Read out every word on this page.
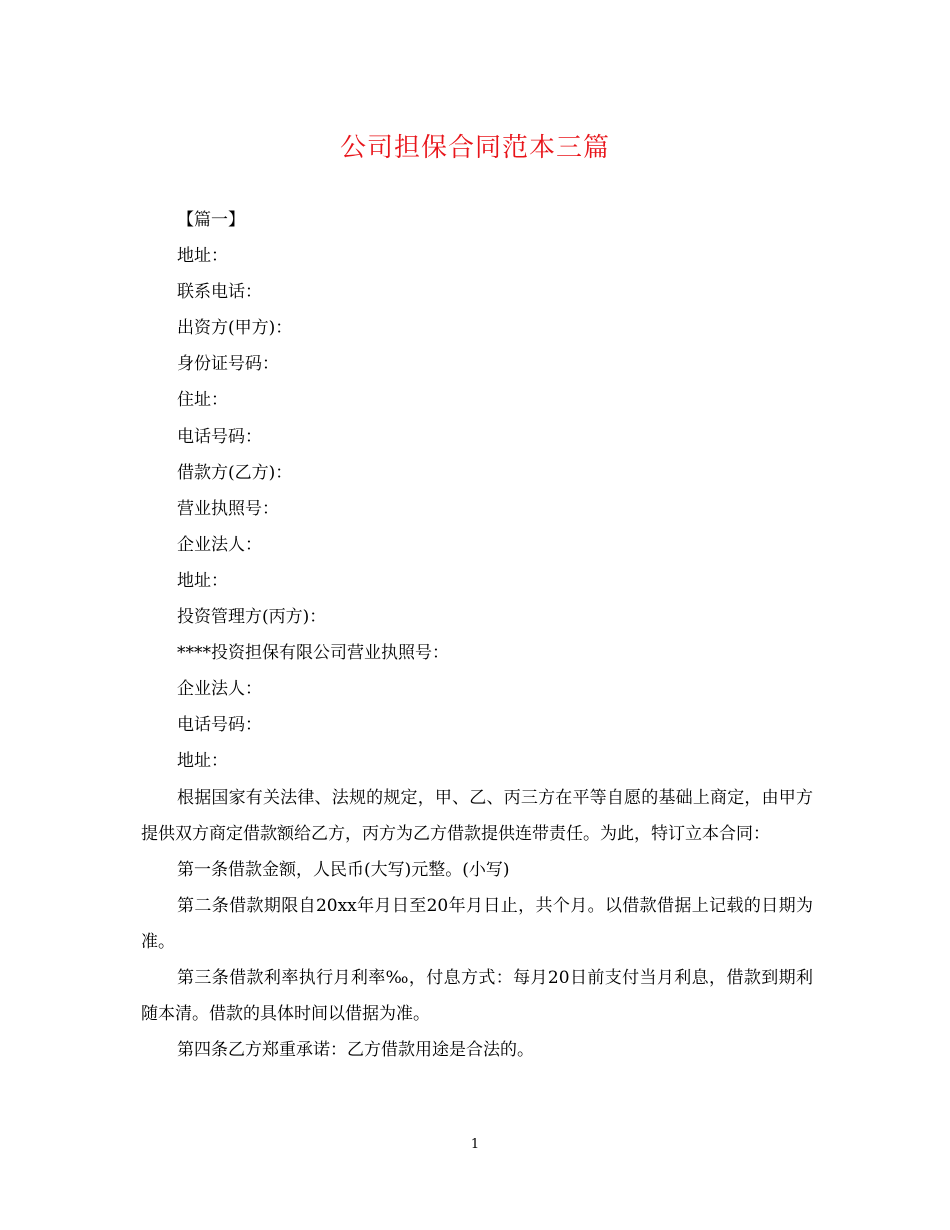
公司担保合同范本三篇

【篇一】

地址：

联系电话：

出资方(甲方)：

身份证号码：

住址：

电话号码：

借款方(乙方)：

营业执照号：

企业法人：

地址：

投资管理方(丙方)：

****投资担保有限公司营业执照号：

企业法人：

电话号码：

地址：

根据国家有关法律、法规的规定，甲、乙、丙三方在平等自愿的基础上商定，由甲方提供双方商定借款额给乙方，丙方为乙方借款提供连带责任。为此，特订立本合同：

第一条借款金额，人民币(大写)元整。(小写)

第二条借款期限自20xx年月日至20年月日止，共个月。以借款借据上记载的日期为准。

第三条借款利率执行月利率‰，付息方式：每月20日前支付当月利息，借款到期利随本清。借款的具体时间以借据为准。

第四条乙方郑重承诺：乙方借款用途是合法的。

1
